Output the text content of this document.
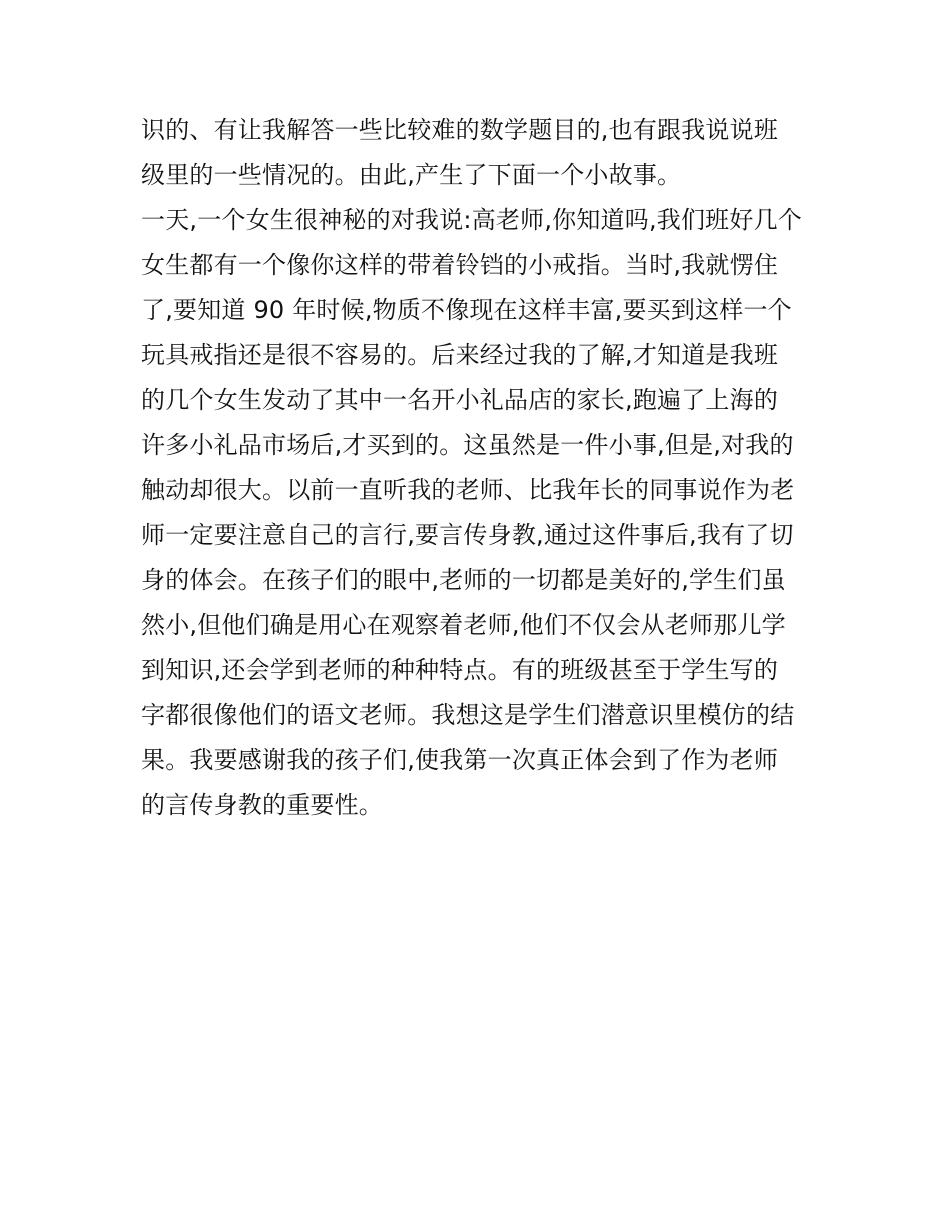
识的、有让我解答一些比较难的数学题目的,也有跟我说说班
级里的一些情况的。由此,产生了下面一个小故事。
一天,一个女生很神秘的对我说:高老师,你知道吗,我们班好几个
女生都有一个像你这样的带着铃铛的小戒指。当时,我就愣住
了,要知道 90 年时候,物质不像现在这样丰富,要买到这样一个
玩具戒指还是很不容易的。后来经过我的了解,才知道是我班
的几个女生发动了其中一名开小礼品店的家长,跑遍了上海的
许多小礼品市场后,才买到的。这虽然是一件小事,但是,对我的
触动却很大。以前一直听我的老师、比我年长的同事说作为老
师一定要注意自己的言行,要言传身教,通过这件事后,我有了切
身的体会。在孩子们的眼中,老师的一切都是美好的,学生们虽
然小,但他们确是用心在观察着老师,他们不仅会从老师那儿学
到知识,还会学到老师的种种特点。有的班级甚至于学生写的
字都很像他们的语文老师。我想这是学生们潜意识里模仿的结
果。我要感谢我的孩子们,使我第一次真正体会到了作为老师
的言传身教的重要性。
